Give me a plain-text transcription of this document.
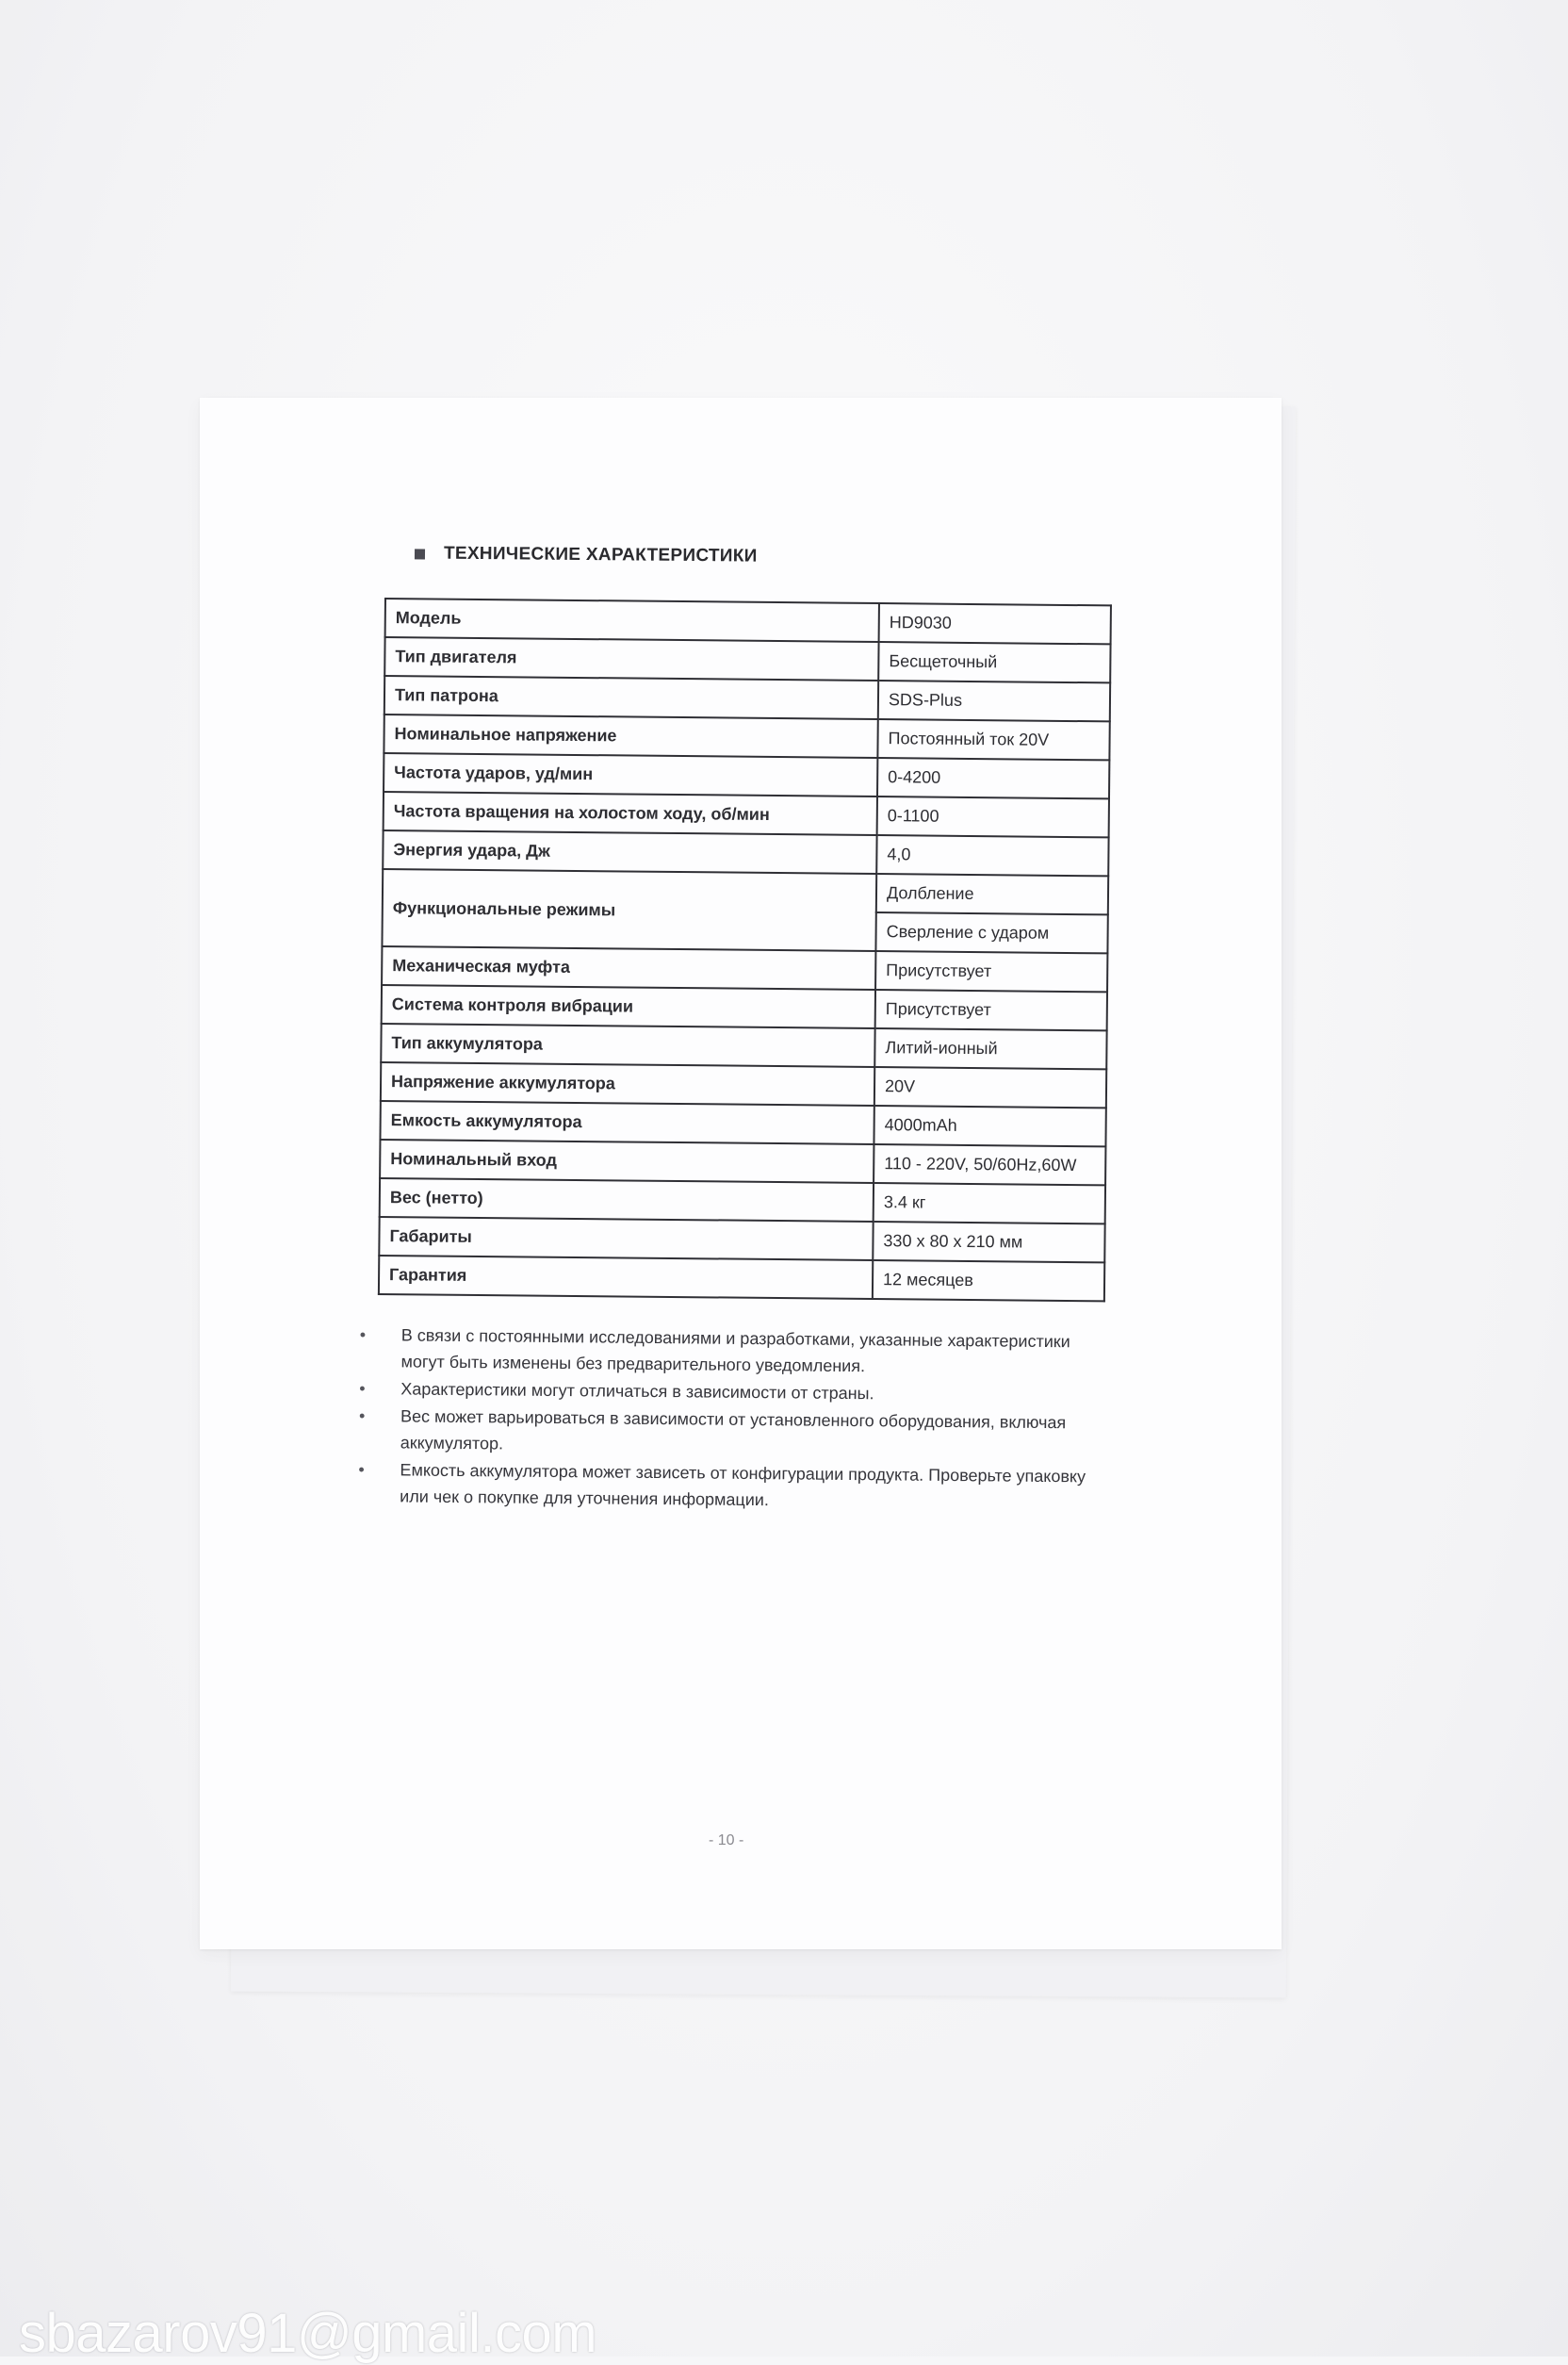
ТЕХНИЧЕСКИЕ ХАРАКТЕРИСТИКИ
Модель	HD9030
Тип двигателя	Бесщеточный
Тип патрона	SDS-Plus
Номинальное напряжение	Постоянный ток 20V
Частота ударов, уд/мин	0-4200
Частота вращения на холостом ходу, об/мин	0-1100
Энергия удара, Дж	4,0
Функциональные режимы	Долбление
	Сверление с ударом
Механическая муфта	Присутствует
Система контроля вибрации	Присутствует
Тип аккумулятора	Литий-ионный
Напряжение аккумулятора	20V
Емкость аккумулятора	4000mAh
Номинальный вход	110 - 220V, 50/60Hz,60W
Вес (нетто)	3.4 кг
Габариты	330 x 80 x 210 мм
Гарантия	12 месяцев
• В связи с постоянными исследованиями и разработками, указанные характеристики могут быть изменены без предварительного уведомления.
• Характеристики могут отличаться в зависимости от страны.
• Вес может варьироваться в зависимости от установленного оборудования, включая аккумулятор.
• Емкость аккумулятора может зависеть от конфигурации продукта. Проверьте упаковку или чек о покупке для уточнения информации.
- 10 -
sbazarov91@gmail.com
